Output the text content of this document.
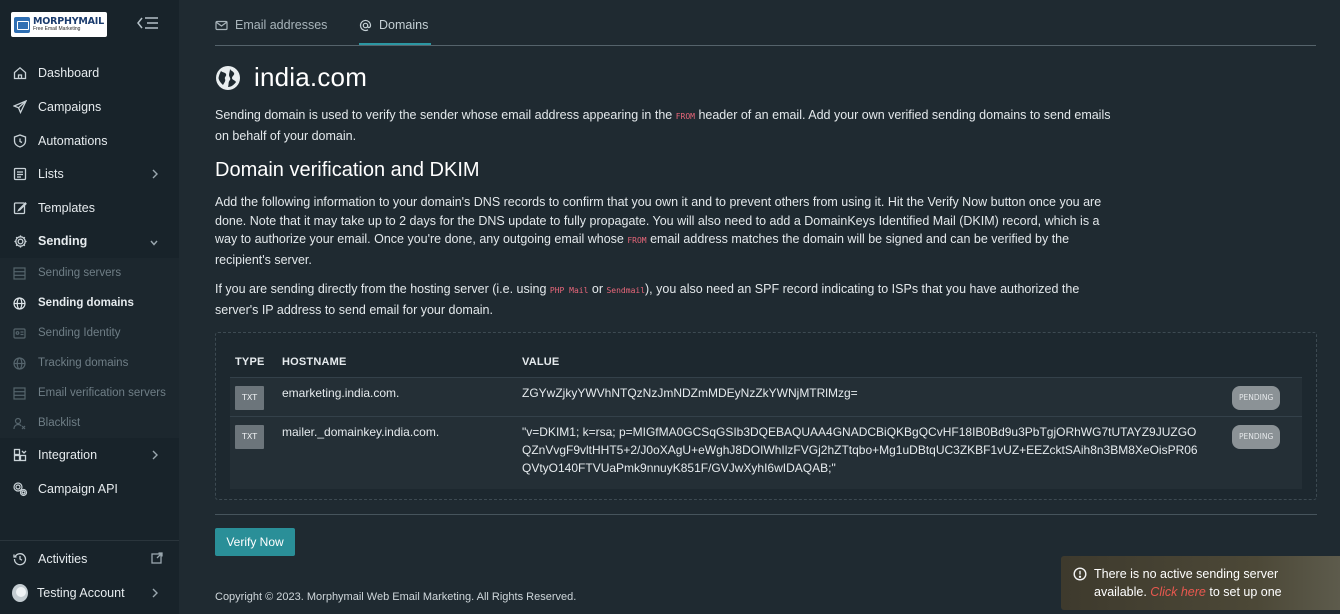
MORPHYMAIL
Free Email Marketing
Dashboard
Campaigns
Automations
Lists
Templates
Sending
Sending servers
Sending domains
Sending Identity
Tracking domains
Email verification servers
Blacklist
Integration
Campaign API
Activities
Testing Account
Email addresses	Domains
india.com
Sending domain is used to verify the sender whose email address appearing in the FROM header of an email. Add your own verified sending domains to send emails on behalf of your domain.
Domain verification and DKIM
Add the following information to your domain's DNS records to confirm that you own it and to prevent others from using it. Hit the Verify Now button once you are done. Note that it may take up to 2 days for the DNS update to fully propagate. You will also need to add a DomainKeys Identified Mail (DKIM) record, which is a way to authorize your email. Once you're done, any outgoing email whose FROM email address matches the domain will be signed and can be verified by the recipient's server.
If you are sending directly from the hosting server (i.e. using PHP Mail or Sendmail), you also need an SPF record indicating to ISPs that you have authorized the server's IP address to send email for your domain.
TYPE	HOSTNAME	VALUE	
TXT	emarketing.india.com.	ZGYwZjkyYWVhNTQzNzJmNDZmMDEyNzZkYWNjMTRlMzg=	PENDING
TXT	mailer._domainkey.india.com.	"v=DKIM1; k=rsa; p=MIGfMA0GCSqGSIb3DQEBAQUAA4GNADCBiQKBgQCvHF18IB0Bd9u3PbTgjORhWG7tUTAYZ9JUZGOQZnVvgF9vltHHT5+2/J0oXAgU+eWghJ8DOIWhIlzFVGj2hZTtqbo+Mg1uDBtqUC3ZKBF1vUZ+EEZcktSAih8n3BM8XeOisPR06QVtyO140FTVUaPmk9nnuyK851F/GVJwXyhI6wIDAQAB;"	PENDING
Verify Now
Copyright © 2023. Morphymail Web Email Marketing. All Rights Reserved.
There is no active sending server available. Click here to set up one
